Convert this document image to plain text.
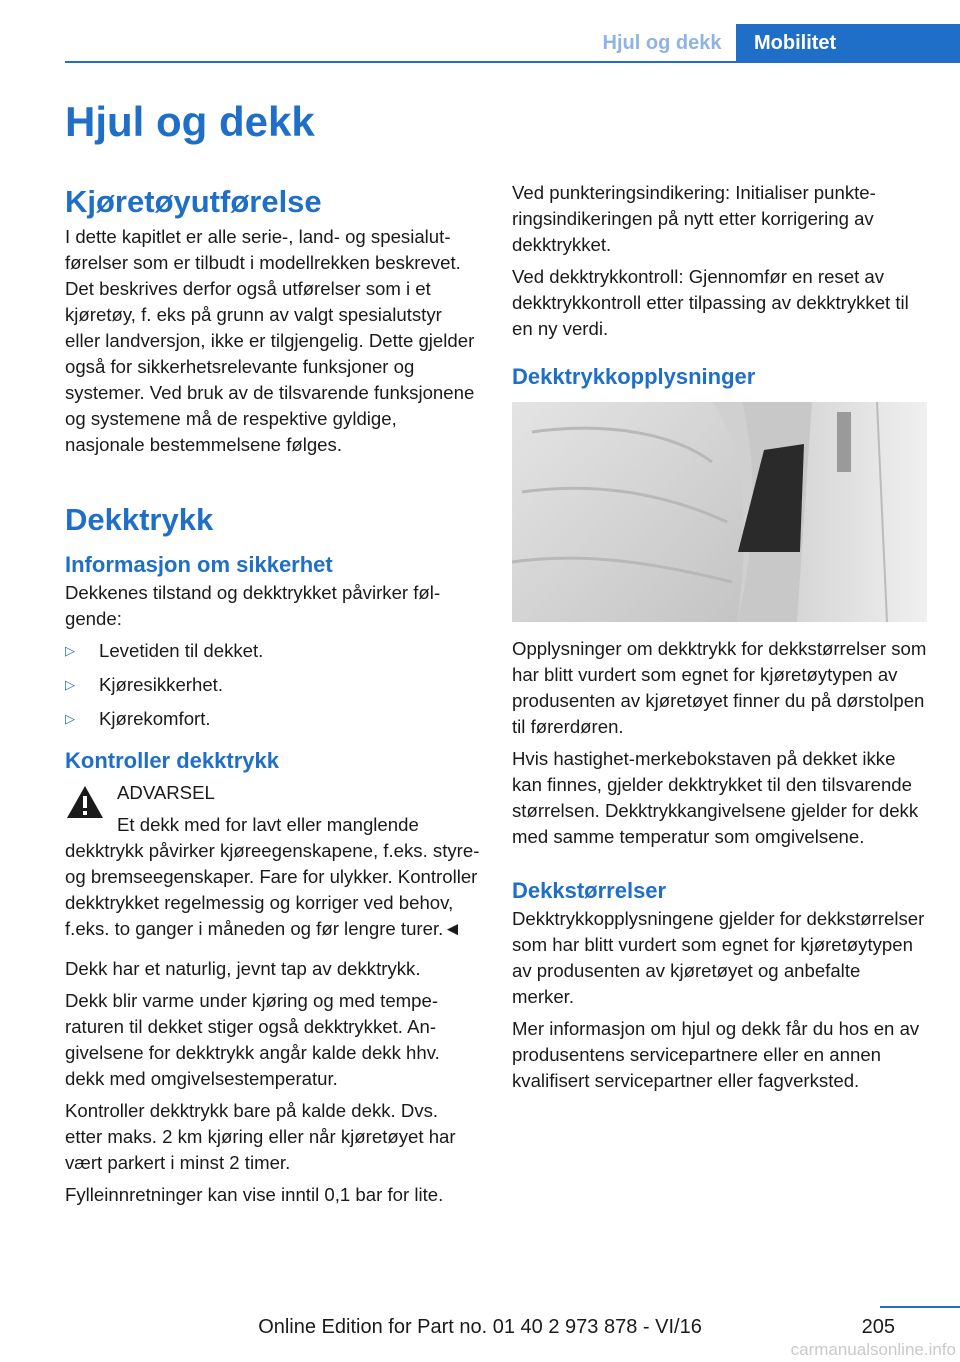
Hjul og dekk	Mobilitet
Hjul og dekk
Kjøretøyutførelse

I dette kapitlet er alle serie-, land- og spesialutførelser som er tilbudt i modellrekken beskrevet. Det beskrives derfor også utførelser som i et kjøretøy, f. eks på grunn av valgt spesialutstyr eller landversjon, ikke er tilgjengelig. Dette gjelder også for sikkerhetsrelevante funksjoner og systemer. Ved bruk av de tilsvarende funksjonene og systemene må de respektive gyldige, nasjonale bestemmelsene følges.

Dekktrykk
Informasjon om sikkerhet

Dekkenes tilstand og dekktrykket påvirker følgende:

▷ Levetiden til dekket.
▷ Kjøresikkerhet.
▷ Kjørekomfort.
Kontroller dekktrykk

ADVARSEL

Et dekk med for lavt eller manglende

dekktrykk påvirker kjøreegenskapene, f.eks. styre- og bremseegenskaper. Fare for ulykker. Kontroller dekktrykket regelmessig og korriger ved behov, f.eks. to ganger i måneden og før lengre turer.◄

Dekk har et naturlig, jevnt tap av dekktrykk.

Dekk blir varme under kjøring og med temperaturen til dekket stiger også dekktrykket. Angivelsene for dekktrykk angår kalde dekk hhv. dekk med omgivelsestemperatur.

Kontroller dekktrykk bare på kalde dekk. Dvs. etter maks. 2 km kjøring eller når kjøretøyet har vært parkert i minst 2 timer.

Fylleinnretninger kan vise inntil 0,1 bar for lite.

Ved punkteringsindikering: Initialiser punkteringsindikeringen på nytt etter korrigering av dekktrykket.

Ved dekktrykkontroll: Gjennomfør en reset av dekktrykkontroll etter tilpassing av dekktrykket til en ny verdi.

Dekktrykkopplysninger

Opplysninger om dekktrykk for dekkstørrelser som har blitt vurdert som egnet for kjøretøytypen av produsenten av kjøretøyet finner du på dørstolpen til førerdøren.

Hvis hastighet-merkebokstaven på dekket ikke kan finnes, gjelder dekktrykket til den tilsvarende størrelsen. Dekktrykkangivelsene gjelder for dekk med samme temperatur som omgivelsene.

Dekkstørrelser

Dekktrykkopplysningene gjelder for dekkstørrelser som har blitt vurdert som egnet for kjøretøytypen av produsenten av kjøretøyet og anbefalte merker.

Mer informasjon om hjul og dekk får du hos en av produsentens servicepartnere eller en annen kvalifisert servicepartner eller fagverksted.

205
Online Edition for Part no. 01 40 2 973 878 - VI/16
carmanualsonline.info
